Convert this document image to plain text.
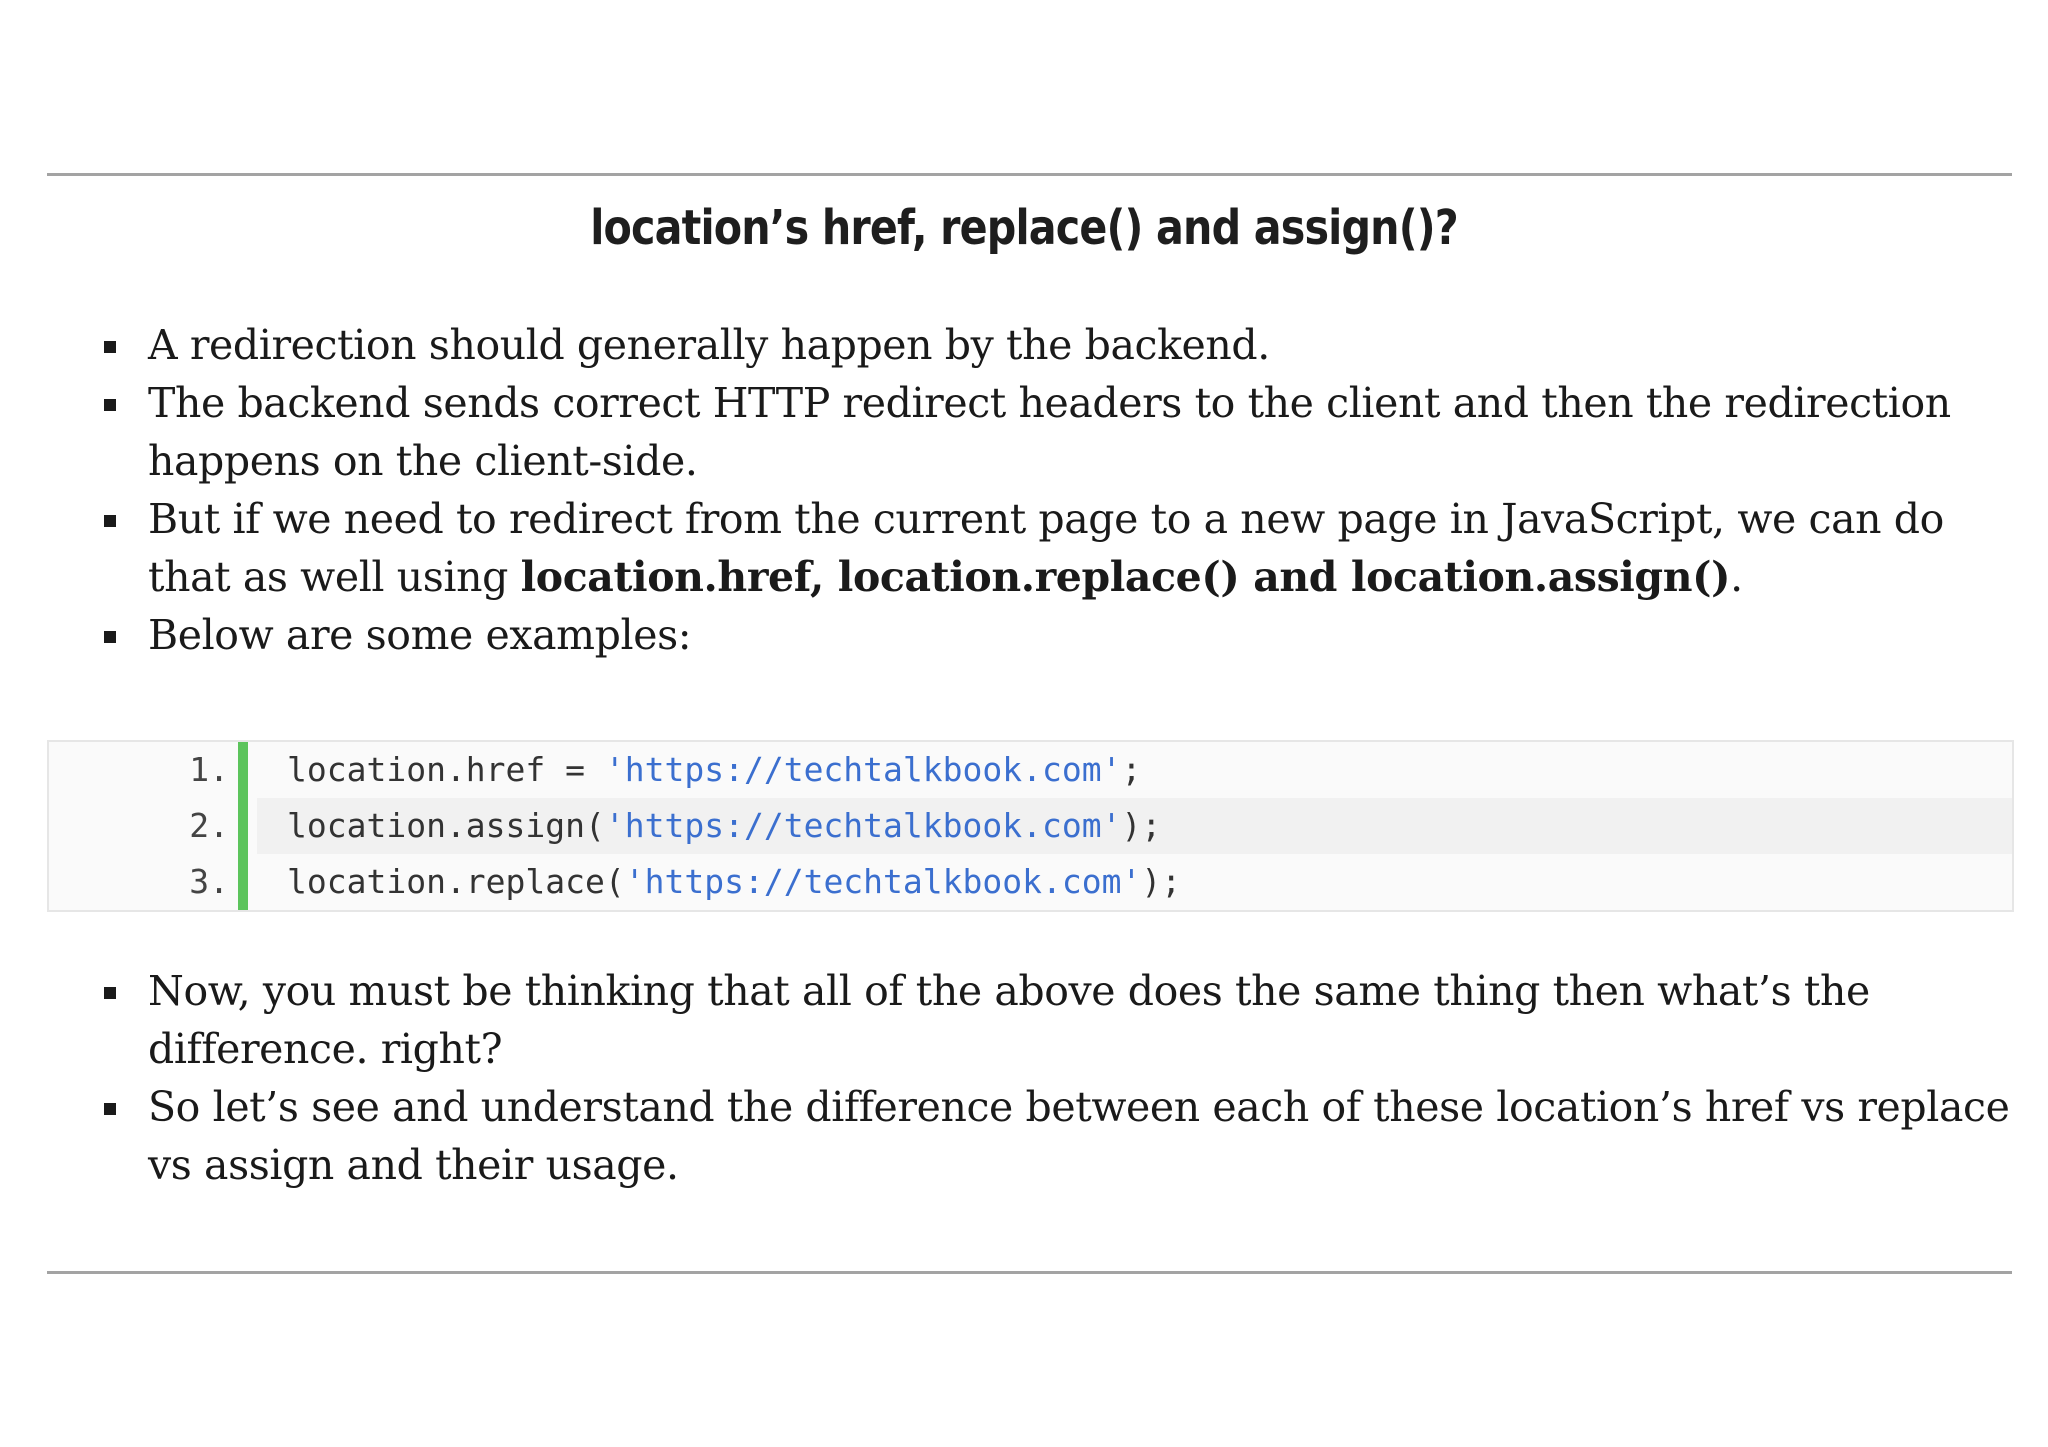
location’s href, replace() and assign()?
A redirection should generally happen by the backend.
The backend sends correct HTTP redirect headers to the client and then the redirection happens on the client-side.
But if we need to redirect from the current page to a new page in JavaScript, we can do that as well using location.href, location.replace() and location.assign().
Below are some examples:
1.	location.href = 'https://techtalkbook.com';
2.	location.assign('https://techtalkbook.com');
3.	location.replace('https://techtalkbook.com');
Now, you must be thinking that all of the above does the same thing then what’s the difference. right?
So let’s see and understand the difference between each of these location’s href vs replace vs assign and their usage.
